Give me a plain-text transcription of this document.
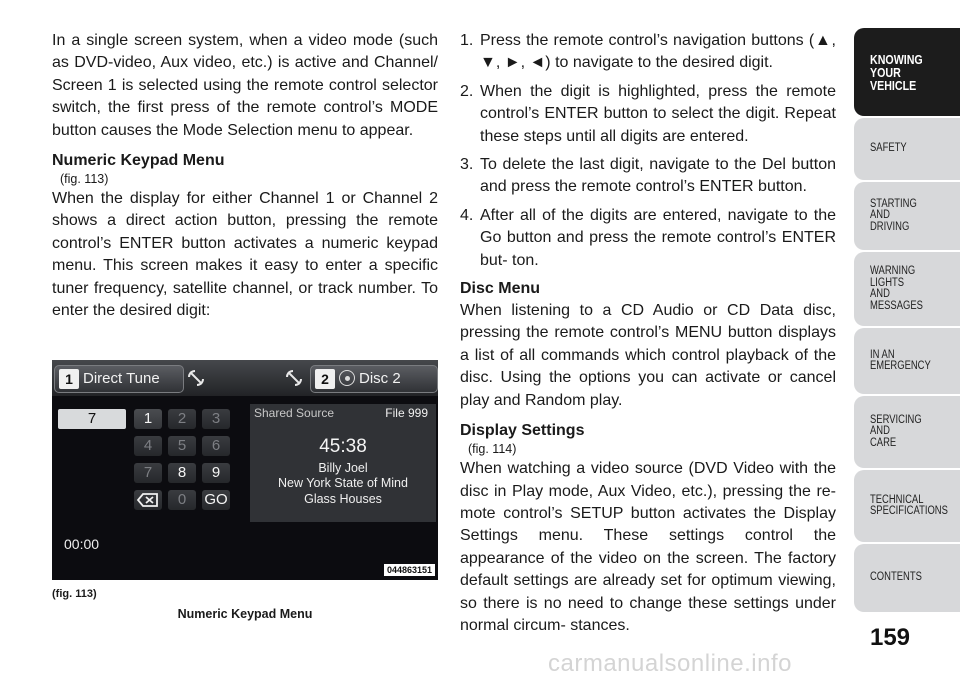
In a single screen system, when a video mode (such as DVD-video, Aux video, etc.) is active and Channel/ Screen 1 is selected using the remote control selector switch, the first press of the remote control’s MODE button causes the Mode Selection menu to appear.

Numeric Keypad Menu
(fig. 113)

When the display for either Channel 1 or Channel 2 shows a direct action button, pressing the remote control’s ENTER button activates a numeric keypad menu. This screen makes it easy to enter a specific tuner frequency, satellite channel, or track number. To enter the desired digit:

1 Direct Tune	2 Disc 2
7	1	2	3
4	5	6
7	8	9
0	GO
Shared Source	File 999
45:38
Billy Joel
New York State of Mind
Glass Houses
00:00
044863151
(fig. 113)
Numeric Keypad Menu
1. Press the remote control’s navigation buttons (▲, ▼, ►, ◄) to navigate to the desired digit.
2. When the digit is highlighted, press the remote control’s ENTER button to select the digit. Repeat these steps until all digits are entered.
3. To delete the last digit, navigate to the Del button and press the remote control’s ENTER button.
4. After all of the digits are entered, navigate to the Go button and press the remote control’s ENTER but- ton.
Disc Menu

When listening to a CD Audio or CD Data disc, pressing the remote control’s MENU button displays a list of all commands which control playback of the disc. Using the options you can activate or cancel play and Random play.

Display Settings
(fig. 114)

When watching a video source (DVD Video with the disc in Play mode, Aux Video, etc.), pressing the re- mote control’s SETUP button activates the Display Settings menu. These settings control the appearance of the video on the screen. The factory default settings are already set for optimum viewing, so there is no need to change these settings under normal circum- stances.

KNOWING
YOUR
VEHICLE
SAFETY
STARTING
AND
DRIVING
WARNING
LIGHTS
AND
MESSAGES
IN AN
EMERGENCY
SERVICING
AND
CARE
TECHNICAL
SPECIFICATIONS
CONTENTS
159
carmanualsonline.info
